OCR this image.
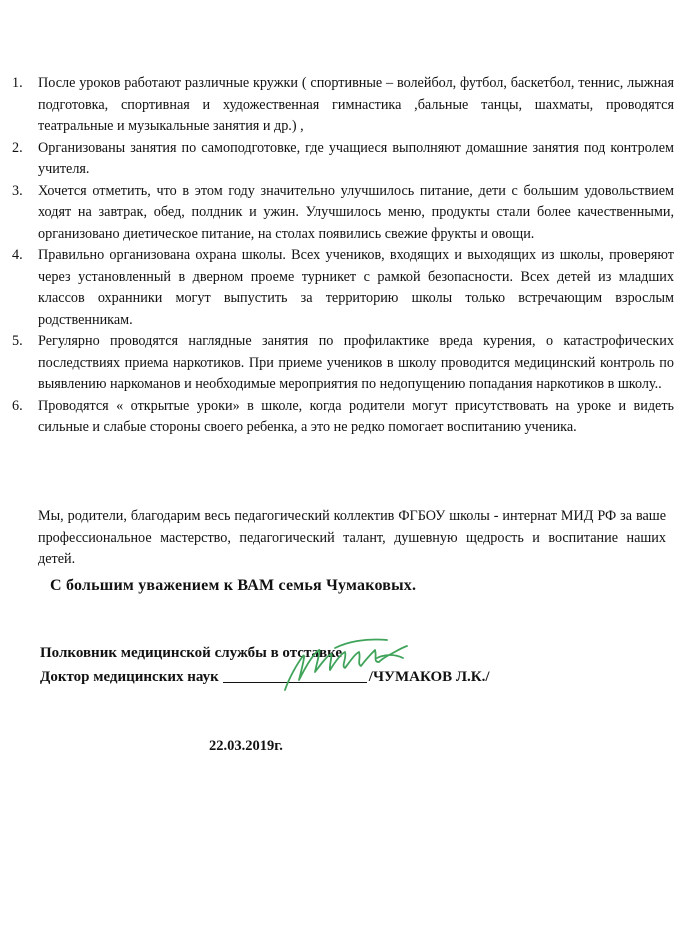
1. После уроков работают различные кружки ( спортивные – волейбол, футбол, баскетбол, теннис, лыжная подготовка, спортивная и художественная гимнастика ,бальные танцы, шахматы, проводятся театральные и музыкальные занятия и др.) ,
2. Организованы занятия по самоподготовке, где учащиеся выполняют домашние занятия под контролем учителя.
3. Хочется отметить, что в этом году значительно улучшилось питание, дети с большим удовольствием ходят на завтрак, обед, полдник и ужин. Улучшилось меню, продукты стали более качественными, организовано диетическое питание, на столах появились свежие фрукты и овощи.
4. Правильно организована охрана школы. Всех учеников, входящих и выходящих из школы, проверяют через установленный в дверном проеме турникет с рамкой безопасности. Всех детей из младших классов охранники могут выпустить за территорию школы только встречающим взрослым родственникам.
5. Регулярно проводятся наглядные занятия по профилактике вреда курения, о катастрофических последствиях приема наркотиков. При приеме учеников в школу проводится медицинский контроль по выявлению наркоманов и необходимые мероприятия по недопущению попадания наркотиков в школу..
6. Проводятся « открытые уроки» в школе, когда родители могут присутствовать на уроке и видеть сильные и слабые стороны своего ребенка, а это не редко помогает воспитанию ученика.

Мы, родители, благодарим весь педагогический коллектив ФГБОУ школы - интернат МИД РФ за ваше профессиональное мастерство, педагогический талант, душевную щедрость и воспитание наших детей.

С большим уважением к ВАМ семья Чумаковых.
Полковник медицинской службы в отставке
Доктор медицинских наук	/ЧУМАКОВ Л.К./
22.03.2019г.
